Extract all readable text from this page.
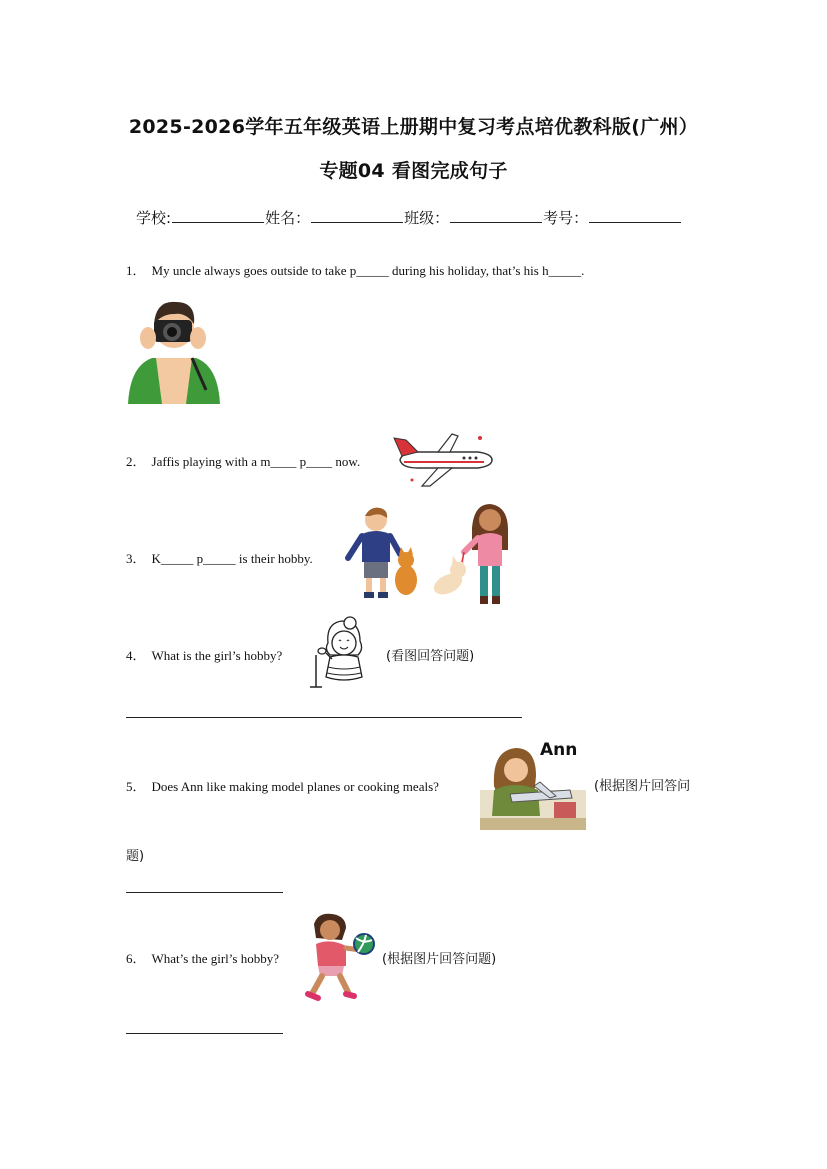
2025-2026学年五年级英语上册期中复习考点培优教科版(广州）
专题04 看图完成句子
学校:	姓名：	班级：	考号：
1． My uncle always goes outside to take p_____ during his holiday, that’s his h_____.
2． Jaffis playing with a m____ p____ now.
3． K_____ p_____ is their hobby.
4． What is the girl’s hobby?	(看图回答问题)
Ann
5． Does Ann like making model planes or cooking meals?	(根据图片回答问
题)
6． What’s the girl’s hobby?	(根据图片回答问题)
